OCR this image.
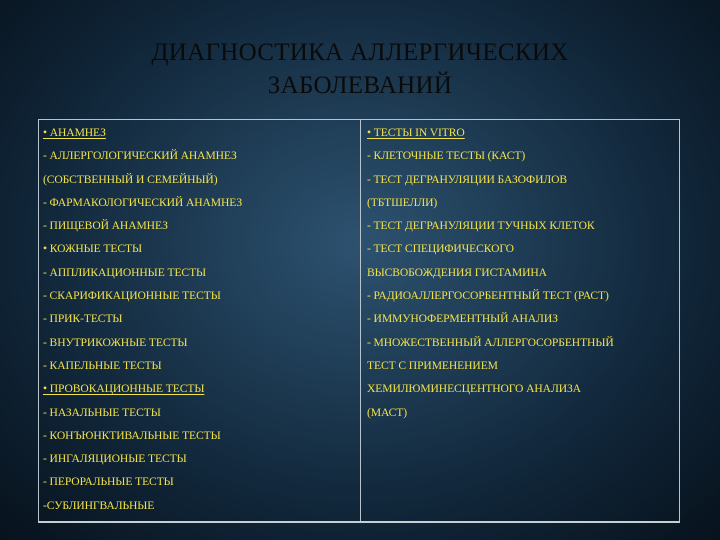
ДИАГНОСТИКА АЛЛЕРГИЧЕСКИХ
ЗАБОЛЕВАНИЙ
• АНАМНЕЗ
- АЛЛЕРГОЛОГИЧЕСКИЙ АНАМНЕЗ
(СОБСТВЕННЫЙ И СЕМЕЙНЫЙ)
- ФАРМАКОЛОГИЧЕСКИЙ АНАМНЕЗ
- ПИЩЕВОЙ АНАМНЕЗ
• КОЖНЫЕ ТЕСТЫ
- АППЛИКАЦИОННЫЕ ТЕСТЫ
- СКАРИФИКАЦИОННЫЕ ТЕСТЫ
- ПРИК-ТЕСТЫ
- ВНУТРИКОЖНЫЕ ТЕСТЫ
- КАПЕЛЬНЫЕ ТЕСТЫ
• ПРОВОКАЦИОННЫЕ ТЕСТЫ
- НАЗАЛЬНЫЕ ТЕСТЫ
- КОНЪЮНКТИВАЛЬНЫЕ ТЕСТЫ
- ИНГАЛЯЦИОНЫЕ ТЕСТЫ
- ПЕРОРАЛЬНЫЕ ТЕСТЫ
-СУБЛИНГВАЛЬНЫЕ
• ТЕСТЫ IN VITRO
- КЛЕТОЧНЫЕ ТЕСТЫ (КАСТ)
- ТЕСТ ДЕГРАНУЛЯЦИИ БАЗОФИЛОВ
(ТБТШЕЛЛИ)
- ТЕСТ ДЕГРАНУЛЯЦИИ ТУЧНЫХ КЛЕТОК
- ТЕСТ СПЕЦИФИЧЕСКОГО
ВЫСВОБОЖДЕНИЯ ГИСТАМИНА
- РАДИОАЛЛЕРГОСОРБЕНТНЫЙ ТЕСТ (РАСТ)
- ИММУНОФЕРМЕНТНЫЙ АНАЛИЗ
- МНОЖЕСТВЕННЫЙ АЛЛЕРГОСОРБЕНТНЫЙ
ТЕСТ С ПРИМЕНЕНИЕМ
ХЕМИЛЮМИНЕСЦЕНТНОГО АНАЛИЗА
(МАСТ)
